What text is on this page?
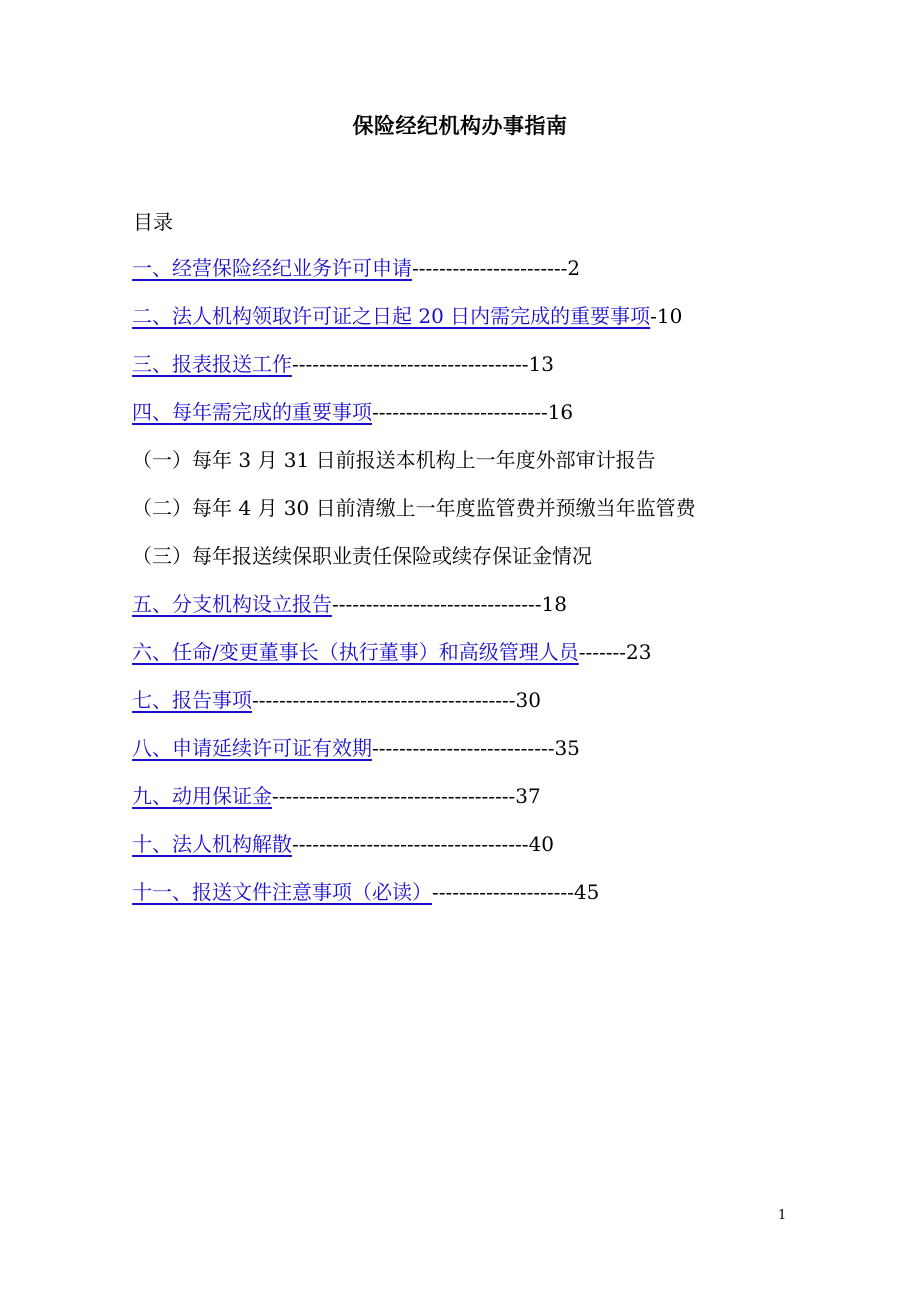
保险经纪机构办事指南
目录
一、经营保险经纪业务许可申请-----------------------2
二、法人机构领取许可证之日起 20 日内需完成的重要事项-10
三、报表报送工作-----------------------------------13
四、每年需完成的重要事项--------------------------16
（一）每年 3 月 31 日前报送本机构上一年度外部审计报告
（二）每年 4 月 30 日前清缴上一年度监管费并预缴当年监管费
（三）每年报送续保职业责任保险或续存保证金情况
五、分支机构设立报告-------------------------------18
六、任命/变更董事长（执行董事）和高级管理人员-------23
七、报告事项---------------------------------------30
八、申请延续许可证有效期---------------------------35
九、动用保证金------------------------------------37
十、法人机构解散-----------------------------------40
十一、报送文件注意事项（必读）---------------------45
1
